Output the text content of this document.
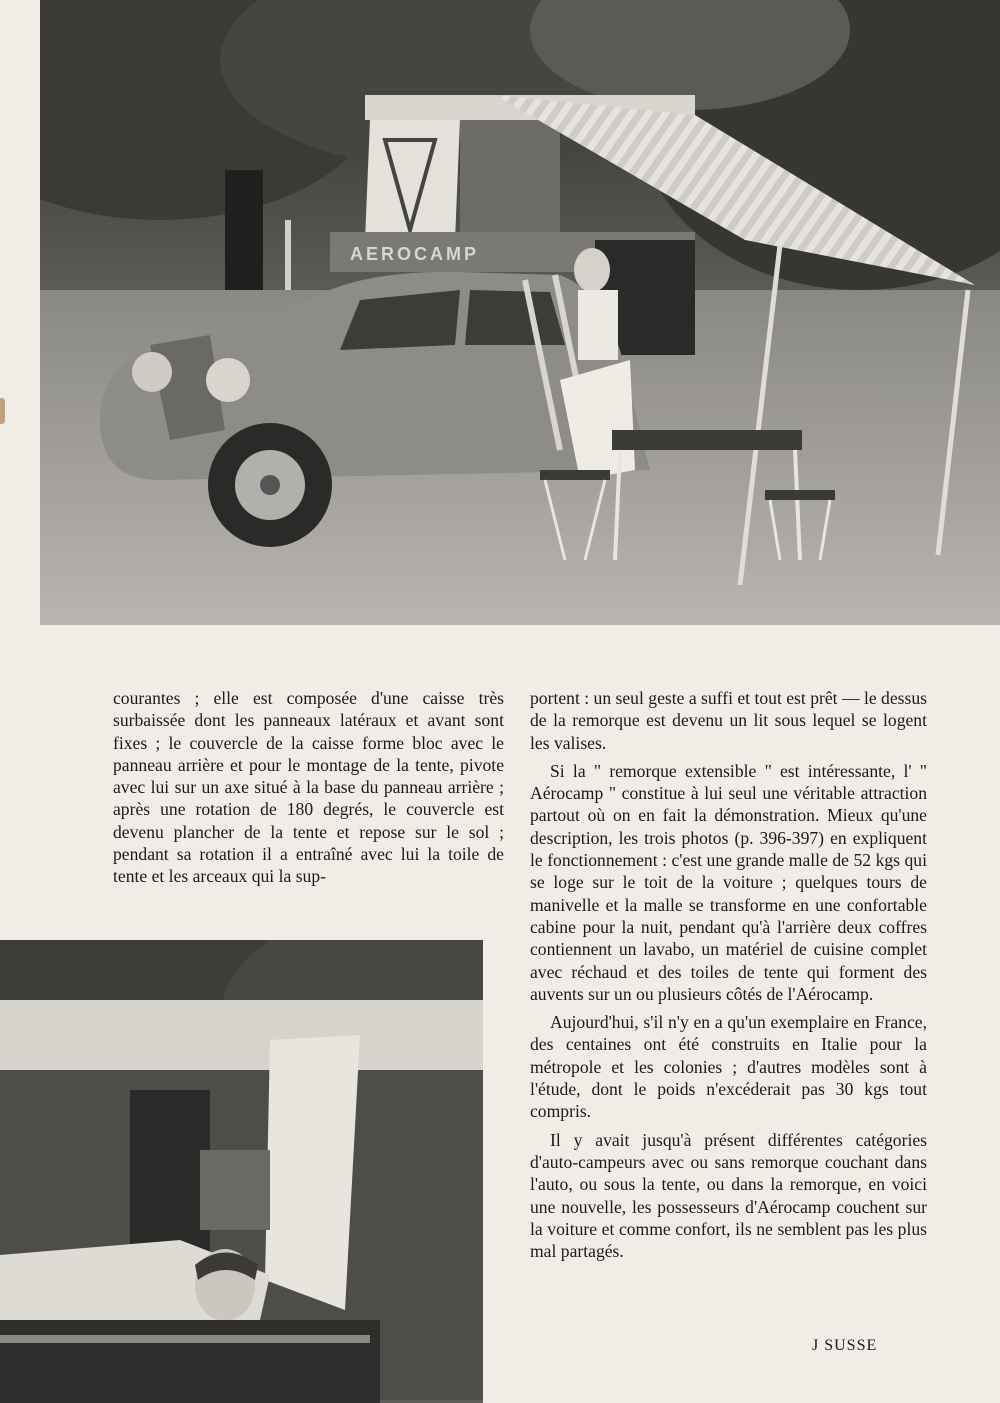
AEROCAMP

courantes ; elle est composée d'une caisse très surbaissée dont les panneaux latéraux et avant sont fixes ; le couvercle de la caisse forme bloc avec le panneau arrière et pour le montage de la tente, pivote avec lui sur un axe situé à la base du panneau arrière ; après une rotation de 180 degrés, le couvercle est devenu plancher de la tente et repose sur le sol ; pendant sa rotation il a entraîné avec lui la toile de tente et les arceaux qui la sup-

portent : un seul geste a suffi et tout est prêt — le dessus de la remorque est devenu un lit sous lequel se logent les valises.

Si la " remorque extensible " est intéressante, l' " Aérocamp " constitue à lui seul une véritable attraction partout où on en fait la démonstration. Mieux qu'une description, les trois photos (p. 396-397) en expliquent le fonctionnement : c'est une grande malle de 52 kgs qui se loge sur le toit de la voiture ; quelques tours de manivelle et la malle se transforme en une confortable cabine pour la nuit, pendant qu'à l'arrière deux coffres contiennent un lavabo, un matériel de cuisine complet avec réchaud et des toiles de tente qui forment des auvents sur un ou plusieurs côtés de l'Aérocamp.

Aujourd'hui, s'il n'y en a qu'un exemplaire en France, des centaines ont été construits en Italie pour la métropole et les colonies ; d'autres modèles sont à l'étude, dont le poids n'excéderait pas 30 kgs tout compris.

Il y avait jusqu'à présent différentes catégories d'auto-campeurs avec ou sans remorque couchant dans l'auto, ou sous la tente, ou dans la remorque, en voici une nouvelle, les possesseurs d'Aérocamp couchent sur la voiture et comme confort, ils ne semblent pas les plus mal partagés.

J SUSSE
